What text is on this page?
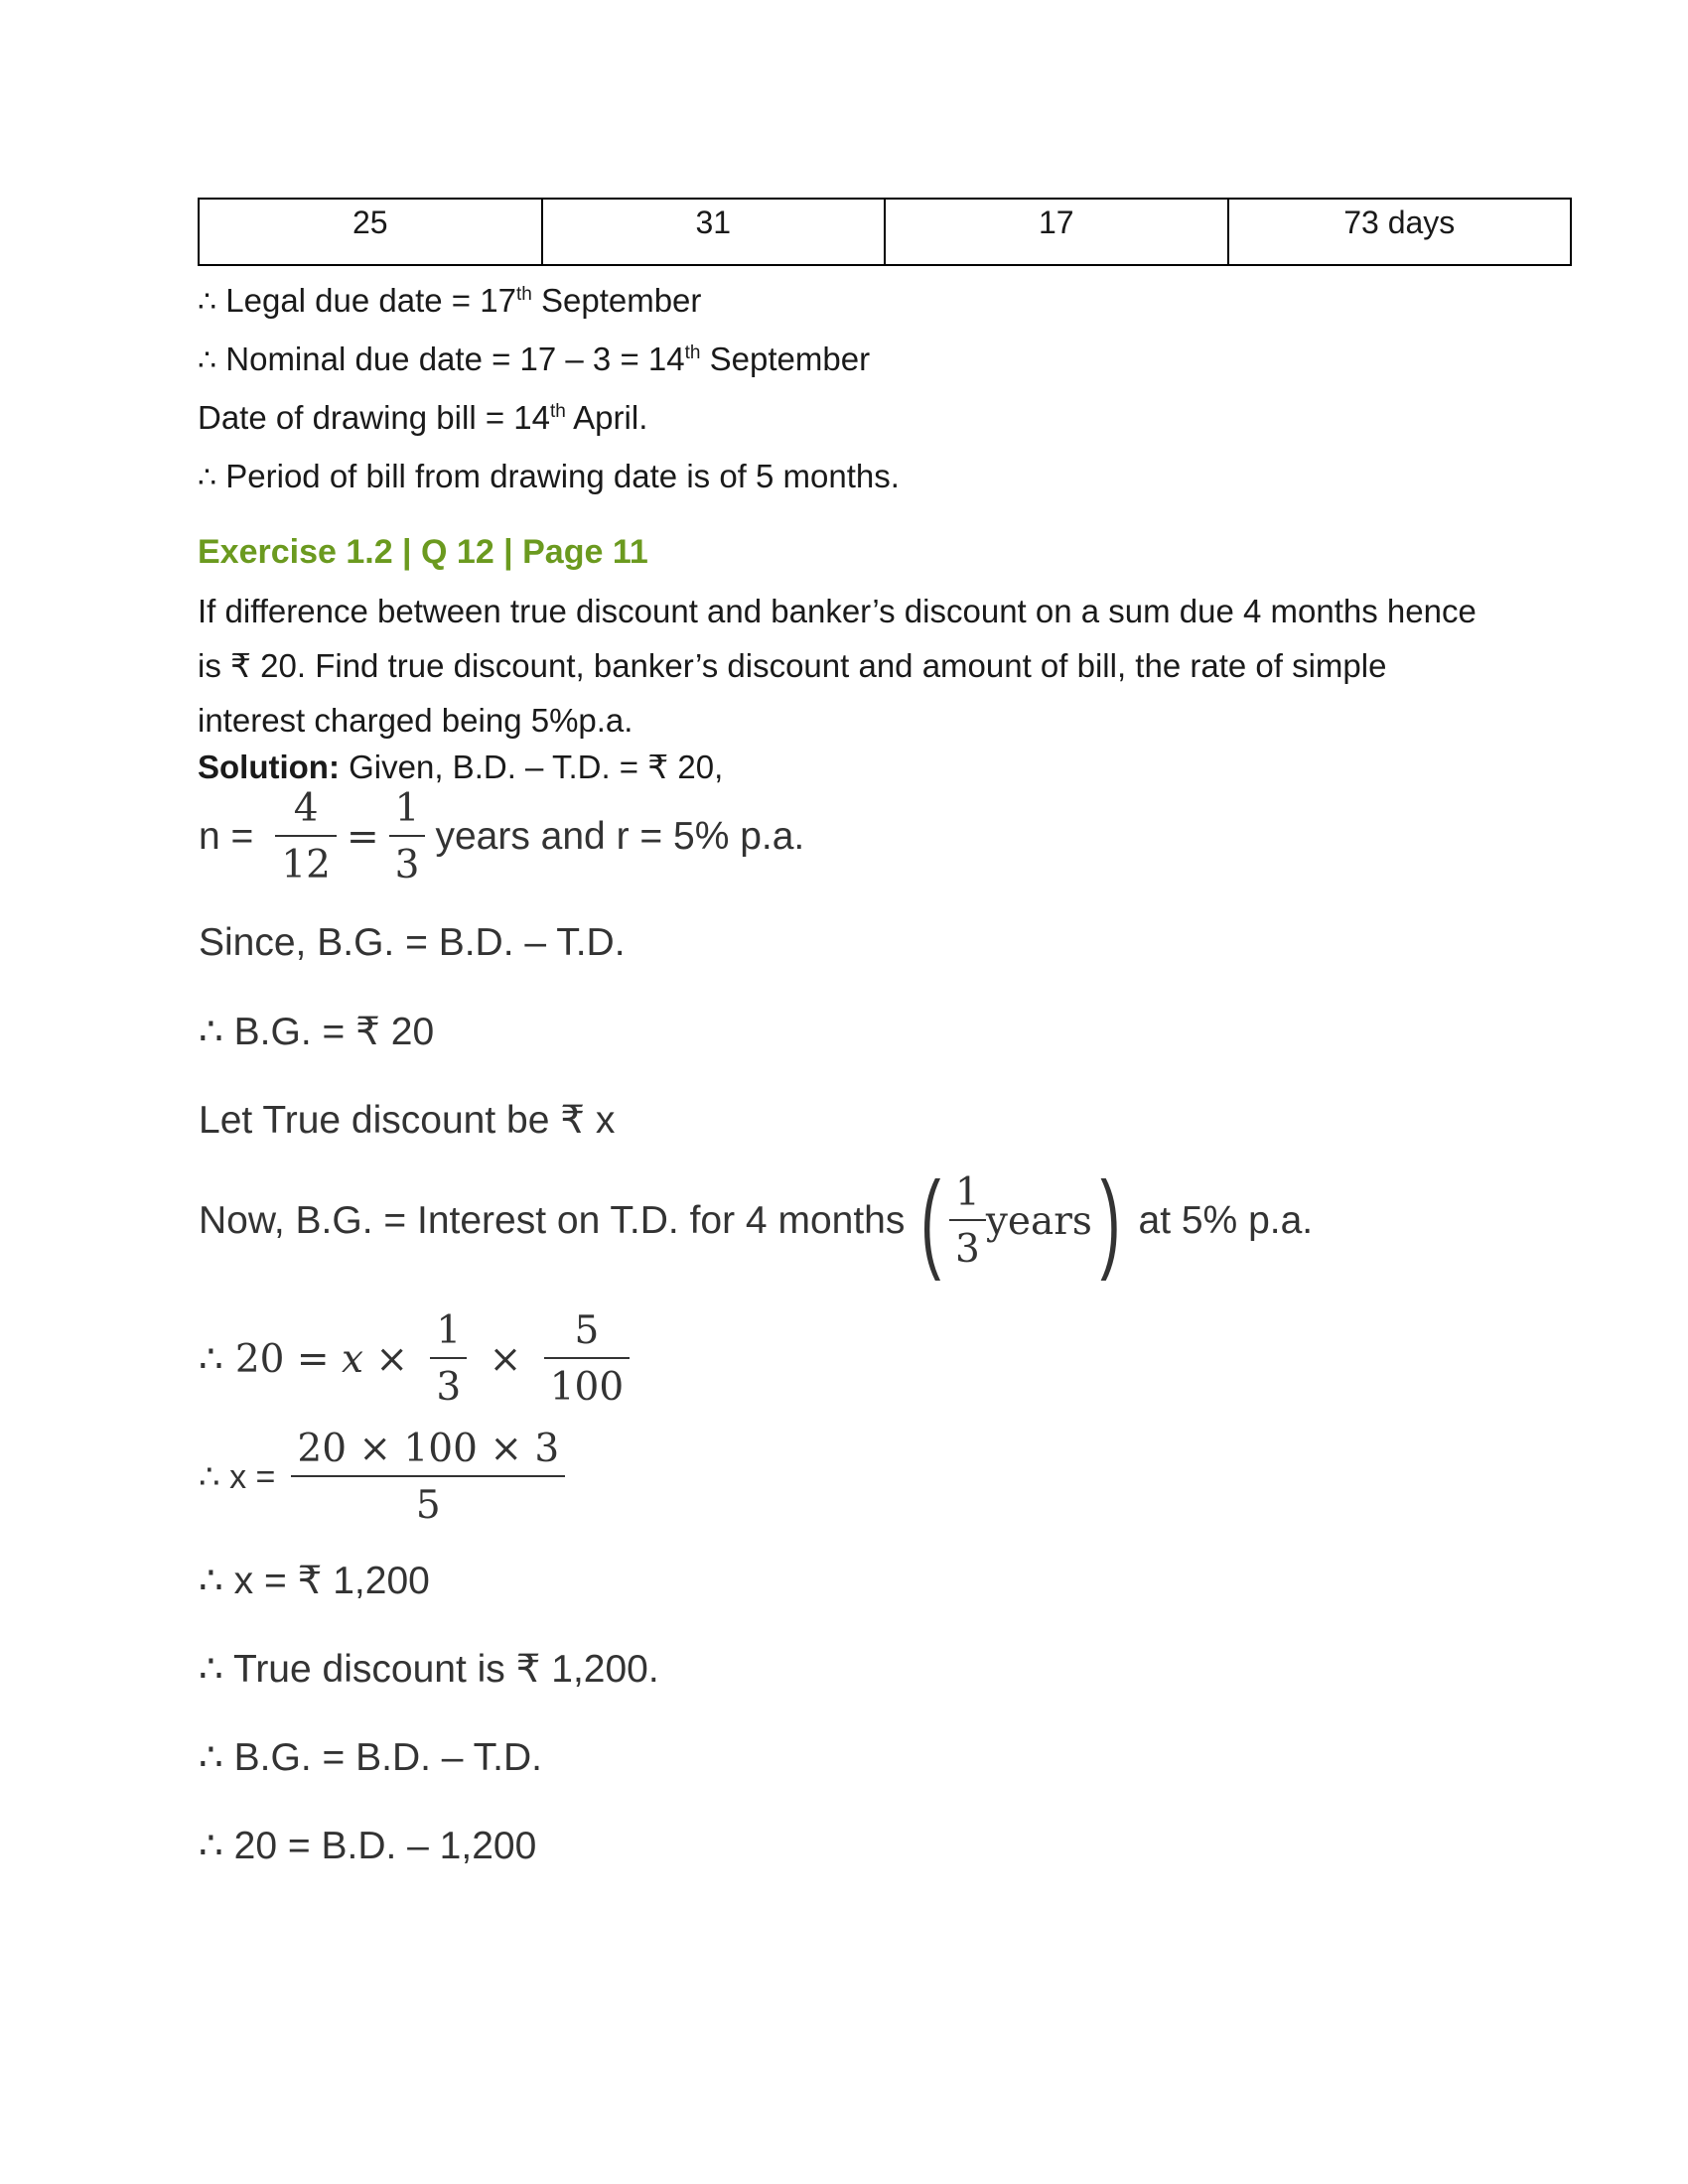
25	31	17	73 days
∴ Legal due date = 17th September
∴ Nominal due date = 17 – 3 = 14th September
Date of drawing bill = 14th April.
∴ Period of bill from drawing date is of 5 months.
Exercise 1.2 | Q 12 | Page 11
If difference between true discount and banker’s discount on a sum due 4 months hence is ₹ 20. Find true discount, banker’s discount and amount of bill, the rate of simple interest charged being 5%p.a.
Solution: Given, B.D. – T.D. = ₹ 20,
$n = \frac{4}{12} = \frac{1}{3}$ years and r = 5% p.a.
Since, B.G. = B.D. – T.D.
∴ B.G. = ₹ 20
Let True discount be ₹ x
Now, B.G. = Interest on T.D. for 4 months ( $\frac{1}{3}$ years ) at 5% p.a.
∴ $20 = x \times \frac{1}{3} \times \frac{5}{100}$
∴ $x = \frac{20 \times 100 \times 3}{5}$
∴ x = ₹ 1,200
∴ True discount is ₹ 1,200.
∴ B.G. = B.D. – T.D.
∴ 20 = B.D. – 1,200
